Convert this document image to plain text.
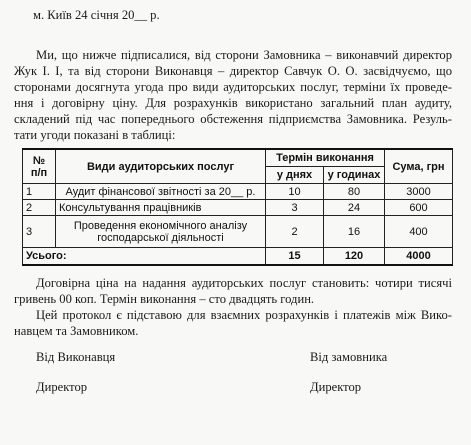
м. Київ 24 січня 20__ р.
Ми, що нижче підписалися, від сторони Замовника – виконавчий директор
Жук І. І, та від сторони Виконавця – директор Савчук О. О. засвідчуємо, що
сторонами досягнута угода про види аудиторських послуг, терміни їх проведе-
ння і договірну ціну. Для розрахунків використано загальний план аудиту,
складений під час попереднього обстеження підприємства Замовника. Резуль-
тати угоди показані в таблиці:
№
п/п	Види аудиторських послуг	Термін виконання		Сума, грн
		у днях	у годинах	
1	Аудит фінансової звітності за 20__ р.	10	80	3000
2	Консультування працівників	3	24	600
3	Проведення економічного аналізу
господарської діяльності	2	16	400
Усього:		15	120	4000
Договірна ціна на надання аудиторських послуг становить: чотири тисячі
гривень 00 коп. Термін виконання – сто двадцять годин.
Цей протокол є підставою для взаємних розрахунків і платежів між Вико-
навцем та Замовником.
Від Виконавця	Від замовника
Директор	Директор
